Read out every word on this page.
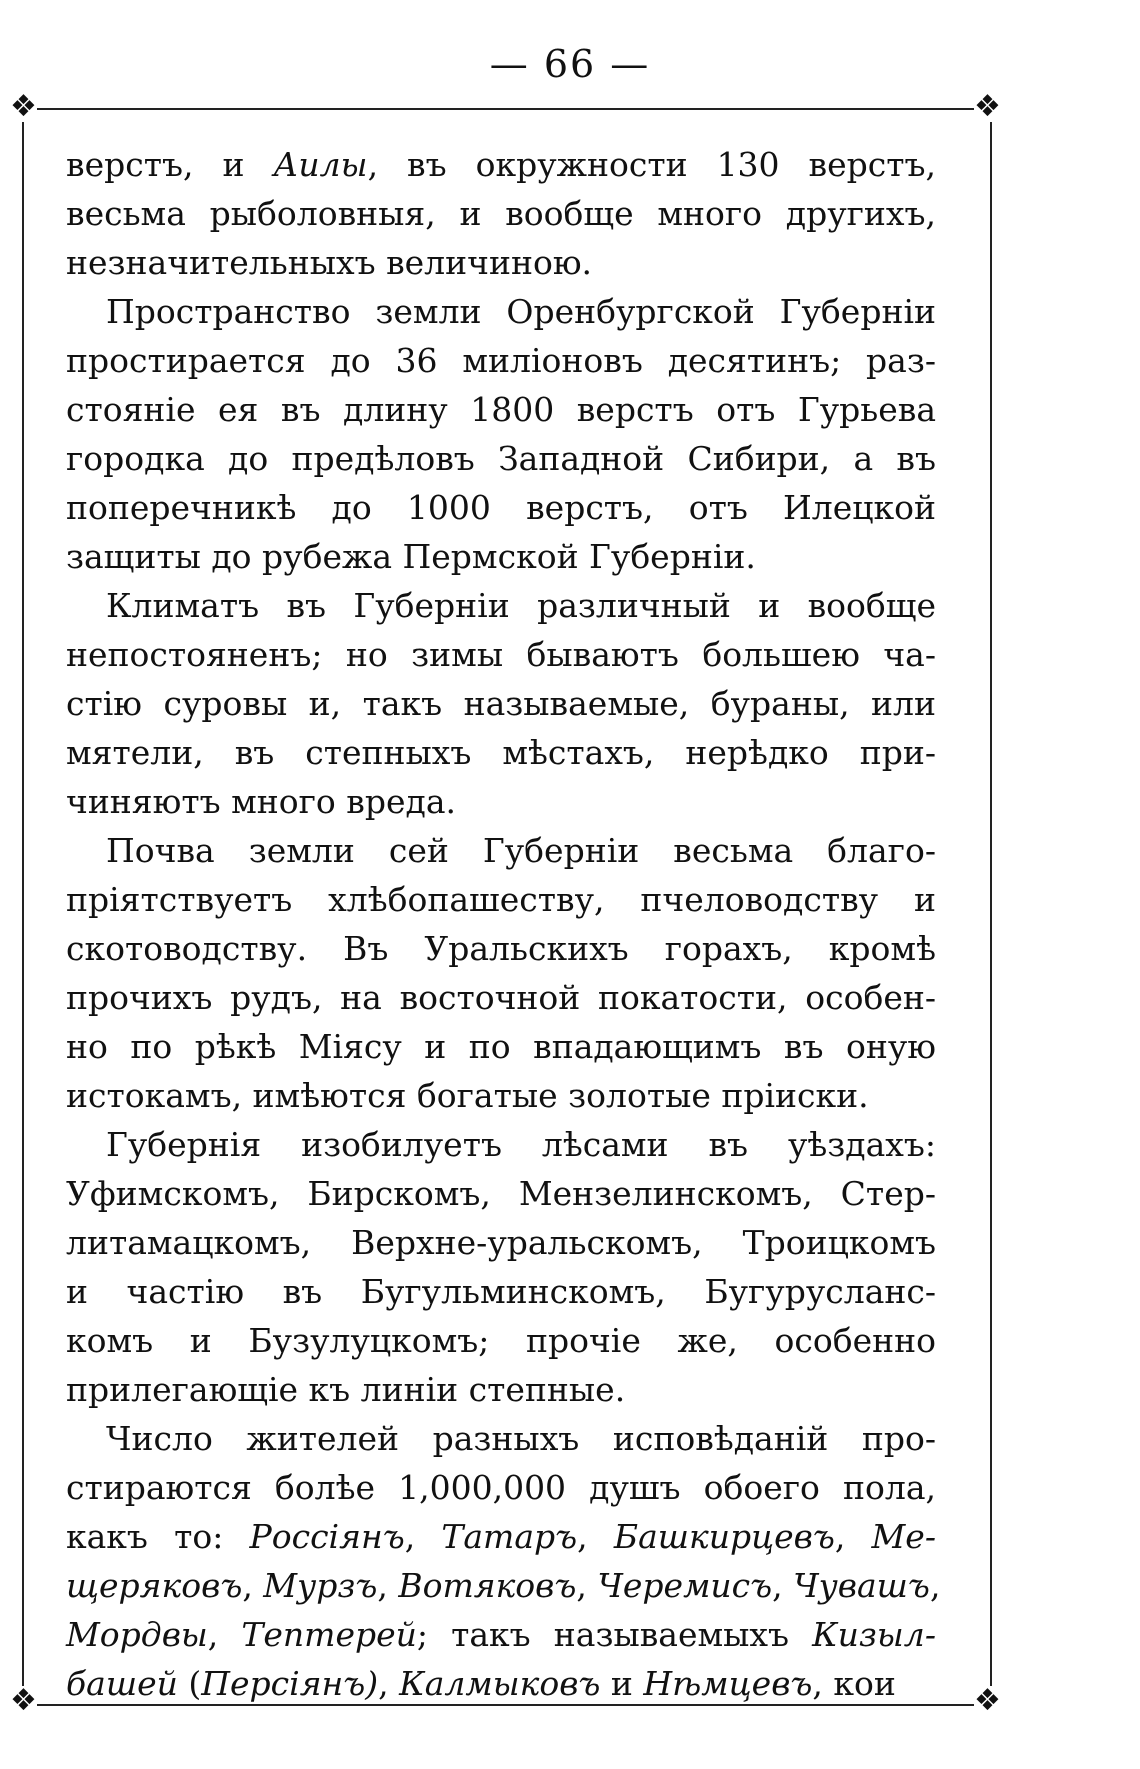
— 66 —
❖	❖
❖	❖

верстъ, и Аилы, въ окружности 130 верстъ,
весьма рыболовныя, и вообще много другихъ,
незначительныхъ величиною.

Пространство земли Оренбургской Губерніи
простирается до 36 миліоновъ десятинъ; раз-
стояніе ея въ длину 1800 верстъ отъ Гурьева
городка до предѣловъ Западной Сибири, а въ
поперечникѣ до 1000 верстъ, отъ Илецкой
защиты до рубежа Пермской Губерніи.

Климатъ въ Губерніи различный и вообще
непостояненъ; но зимы бываютъ большею ча-
стію суровы и, такъ называемые, бураны, или
мятели, въ степныхъ мѣстахъ, нерѣдко при-
чиняютъ много вреда.

Почва земли сей Губерніи весьма благо-
пріятствуетъ хлѣбопашеству, пчеловодству и
скотоводству. Въ Уральскихъ горахъ, кромѣ
прочихъ рудъ, на восточной покатости, особен-
но по рѣкѣ Міясу и по впадающимъ въ оную
истокамъ, имѣются богатые золотые пріиски.

Губернія изобилуетъ лѣсами въ уѣздахъ:
Уфимскомъ, Бирскомъ, Мензелинскомъ, Стер-
литамацкомъ, Верхне-уральскомъ, Троицкомъ
и частію въ Бугульминскомъ, Бугурусланс-
комъ и Бузулуцкомъ; прочіе же, особенно
прилегающіе къ линіи степные.

Число жителей разныхъ исповѣданій про-
стираются болѣе 1,000,000 душъ обоего пола,
какъ то: Россіянъ, Татаръ, Башкирцевъ, Ме-
щеряковъ, Мурзъ, Вотяковъ, Черемисъ, Чувашъ,
Мордвы, Тептерей; такъ называемыхъ Кизыл-
башей (Персіянъ), Калмыковъ и Нѣмцевъ, кои
